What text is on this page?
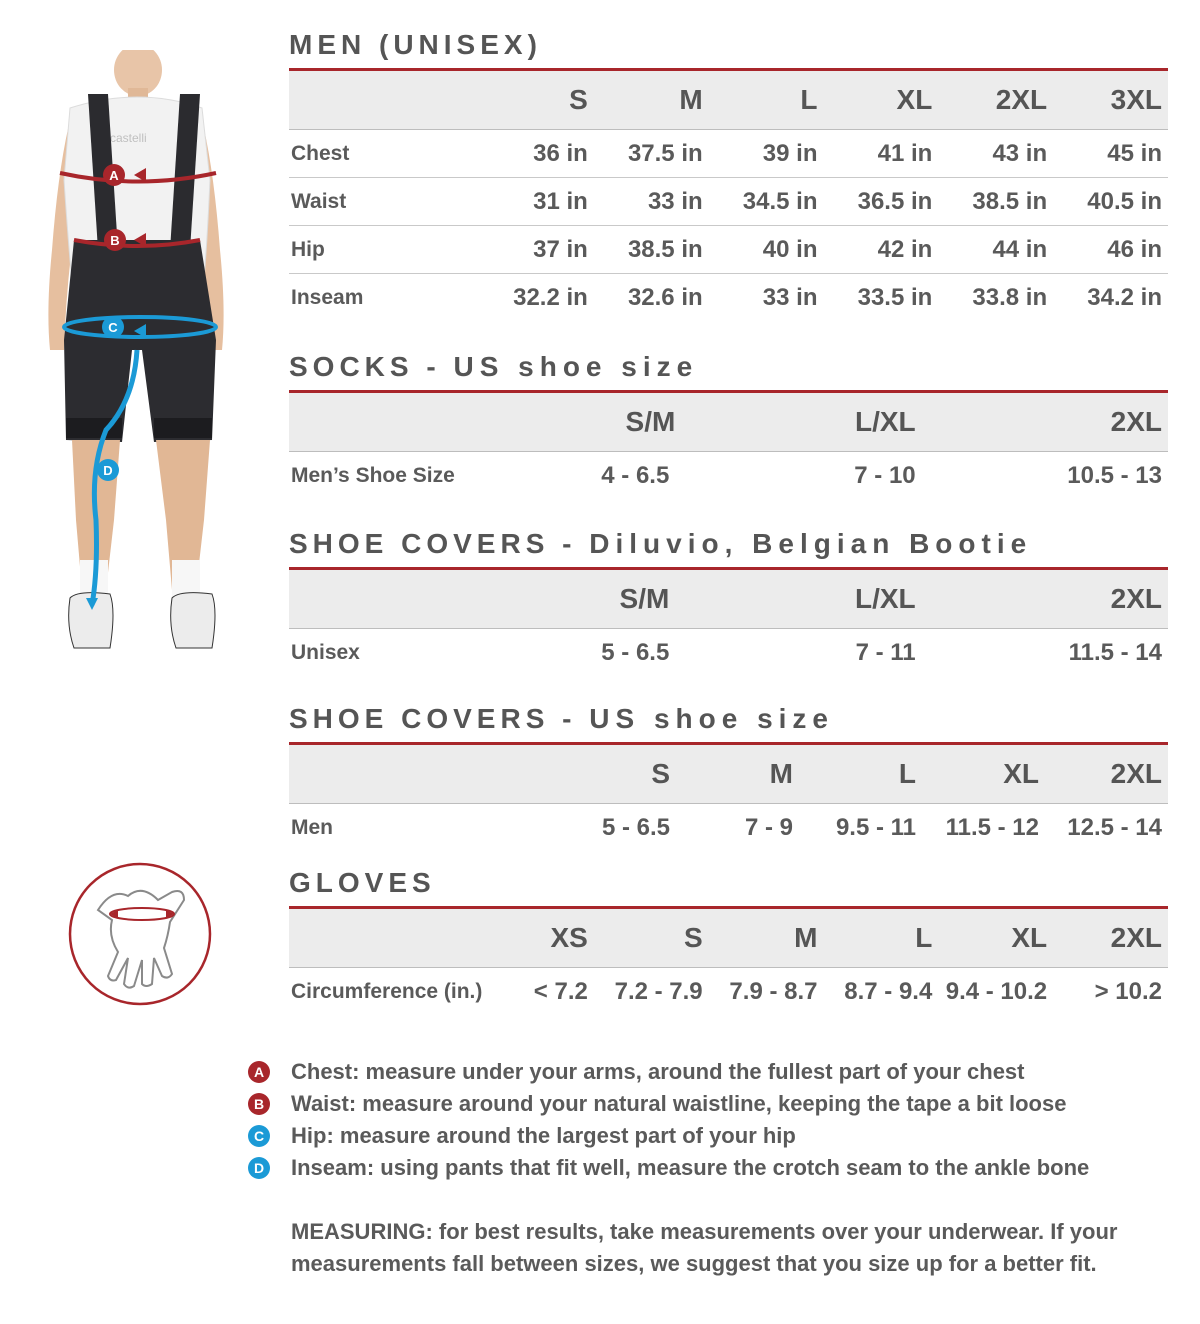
castelli
A
B
C
D
MEN (UNISEX)
	S	M	L	XL	2XL	3XL
Chest	36 in	37.5 in	39 in	41 in	43 in	45 in
Waist	31 in	33 in	34.5 in	36.5 in	38.5 in	40.5 in
Hip	37 in	38.5 in	40 in	42 in	44 in	46 in
Inseam	32.2 in	32.6 in	33 in	33.5 in	33.8 in	34.2 in
SOCKS - US shoe size
	S/M	L/XL	2XL
Men’s Shoe Size	4 - 6.5	7 - 10	10.5 - 13
SHOE COVERS - Diluvio, Belgian Bootie
	S/M	L/XL	2XL
Unisex	5 - 6.5	7 - 11	11.5 - 14
SHOE COVERS - US shoe size
	S	M	L	XL	2XL
Men	5 - 6.5	7 - 9	9.5 - 11	11.5 - 12	12.5 - 14
GLOVES
	XS	S	M	L	XL	2XL
Circumference (in.)	< 7.2	7.2 - 7.9	7.9 - 8.7	8.7 - 9.4	9.4 - 10.2	> 10.2
A Chest: measure under your arms, around the fullest part of your chest
B Waist: measure around your natural waistline, keeping the tape a bit loose
C Hip: measure around the largest part of your hip
D Inseam: using pants that fit well, measure the crotch seam to the ankle bone
MEASURING: for best results, take measurements over your underwear. If your measurements fall between sizes, we suggest that you size up for a better fit.
